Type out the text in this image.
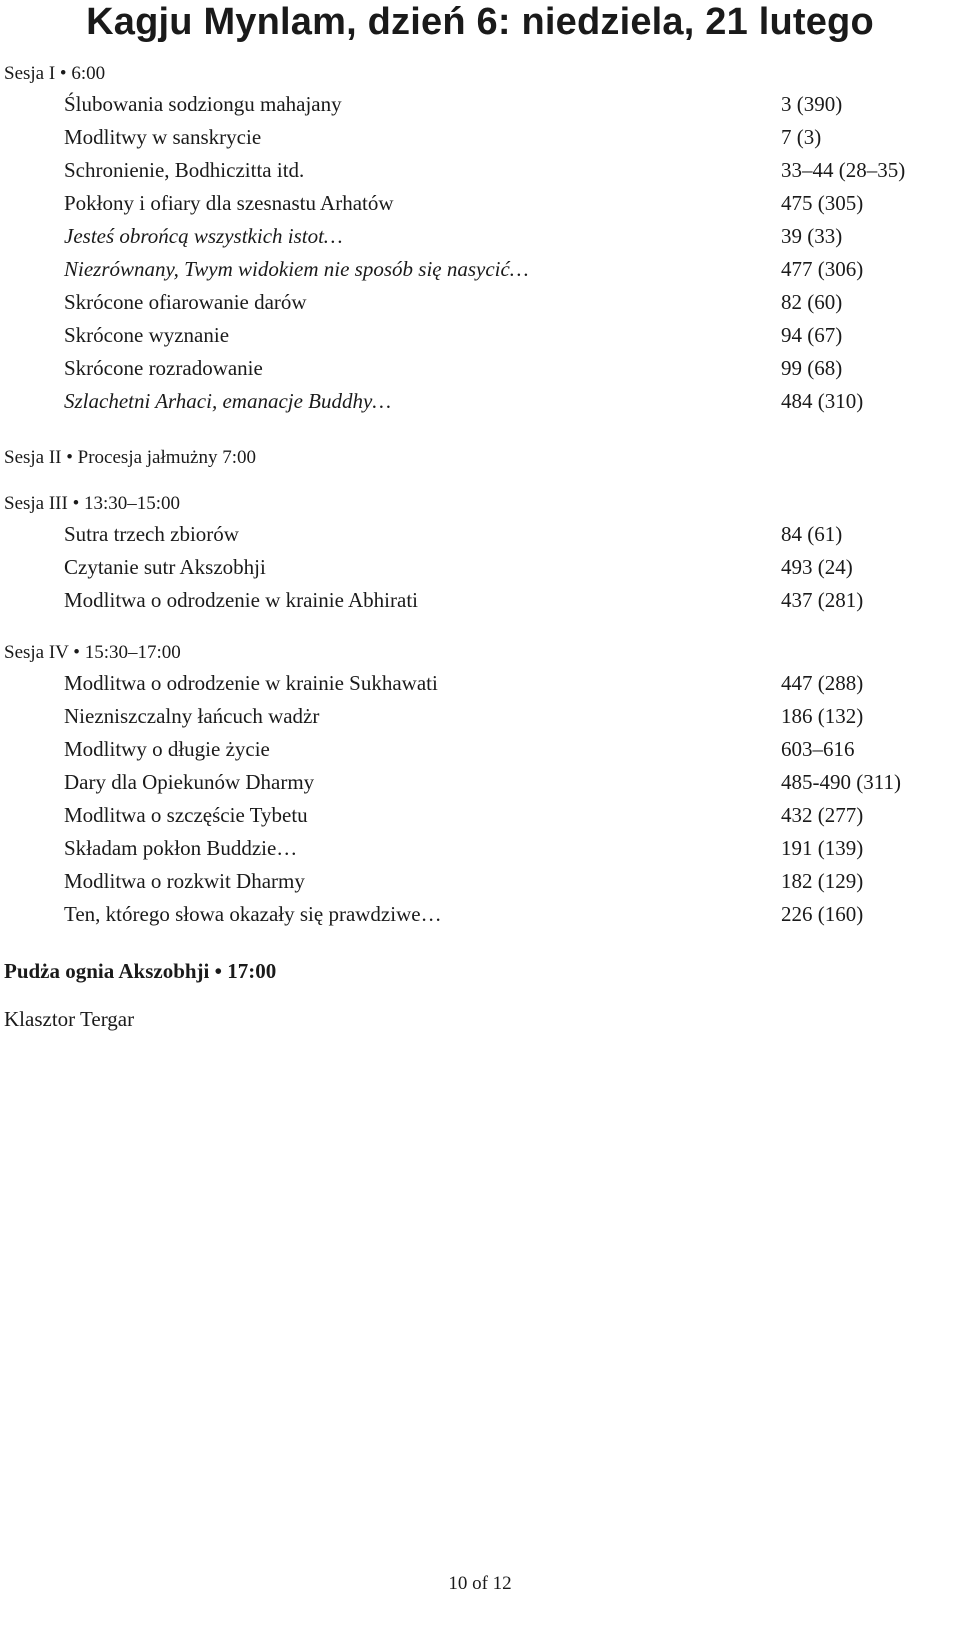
Kagju Mynlam, dzień 6: niedziela, 21 lutego
Sesja I • 6:00
Ślubowania sodziongu mahajany	3 (390)
Modlitwy w sanskrycie	7 (3)
Schronienie, Bodhiczitta itd.	33–44 (28–35)
Pokłony i ofiary dla szesnastu Arhatów	475 (305)
Jesteś obrońcą wszystkich istot…	39 (33)
Niezrównany, Twym widokiem nie sposób się nasycić…	477 (306)
Skrócone ofiarowanie darów	82 (60)
Skrócone wyznanie	94 (67)
Skrócone rozradowanie	99 (68)
Szlachetni Arhaci, emanacje Buddhy…	484 (310)
Sesja II • Procesja jałmużny 7:00
Sesja III • 13:30–15:00
Sutra trzech zbiorów	84 (61)
Czytanie sutr Akszobhji	493 (24)
Modlitwa o odrodzenie w krainie Abhirati	437 (281)
Sesja IV • 15:30–17:00
Modlitwa o odrodzenie w krainie Sukhawati	447 (288)
Niezniszczalny łańcuch wadżr	186 (132)
Modlitwy o długie życie	603–616
Dary dla Opiekunów Dharmy	485-490 (311)
Modlitwa o szczęście Tybetu	432 (277)
Składam pokłon Buddzie…	191 (139)
Modlitwa o rozkwit Dharmy	182 (129)
Ten, którego słowa okazały się prawdziwe…	226 (160)
Pudża ognia Akszobhji • 17:00
Klasztor Tergar
10 of 12
